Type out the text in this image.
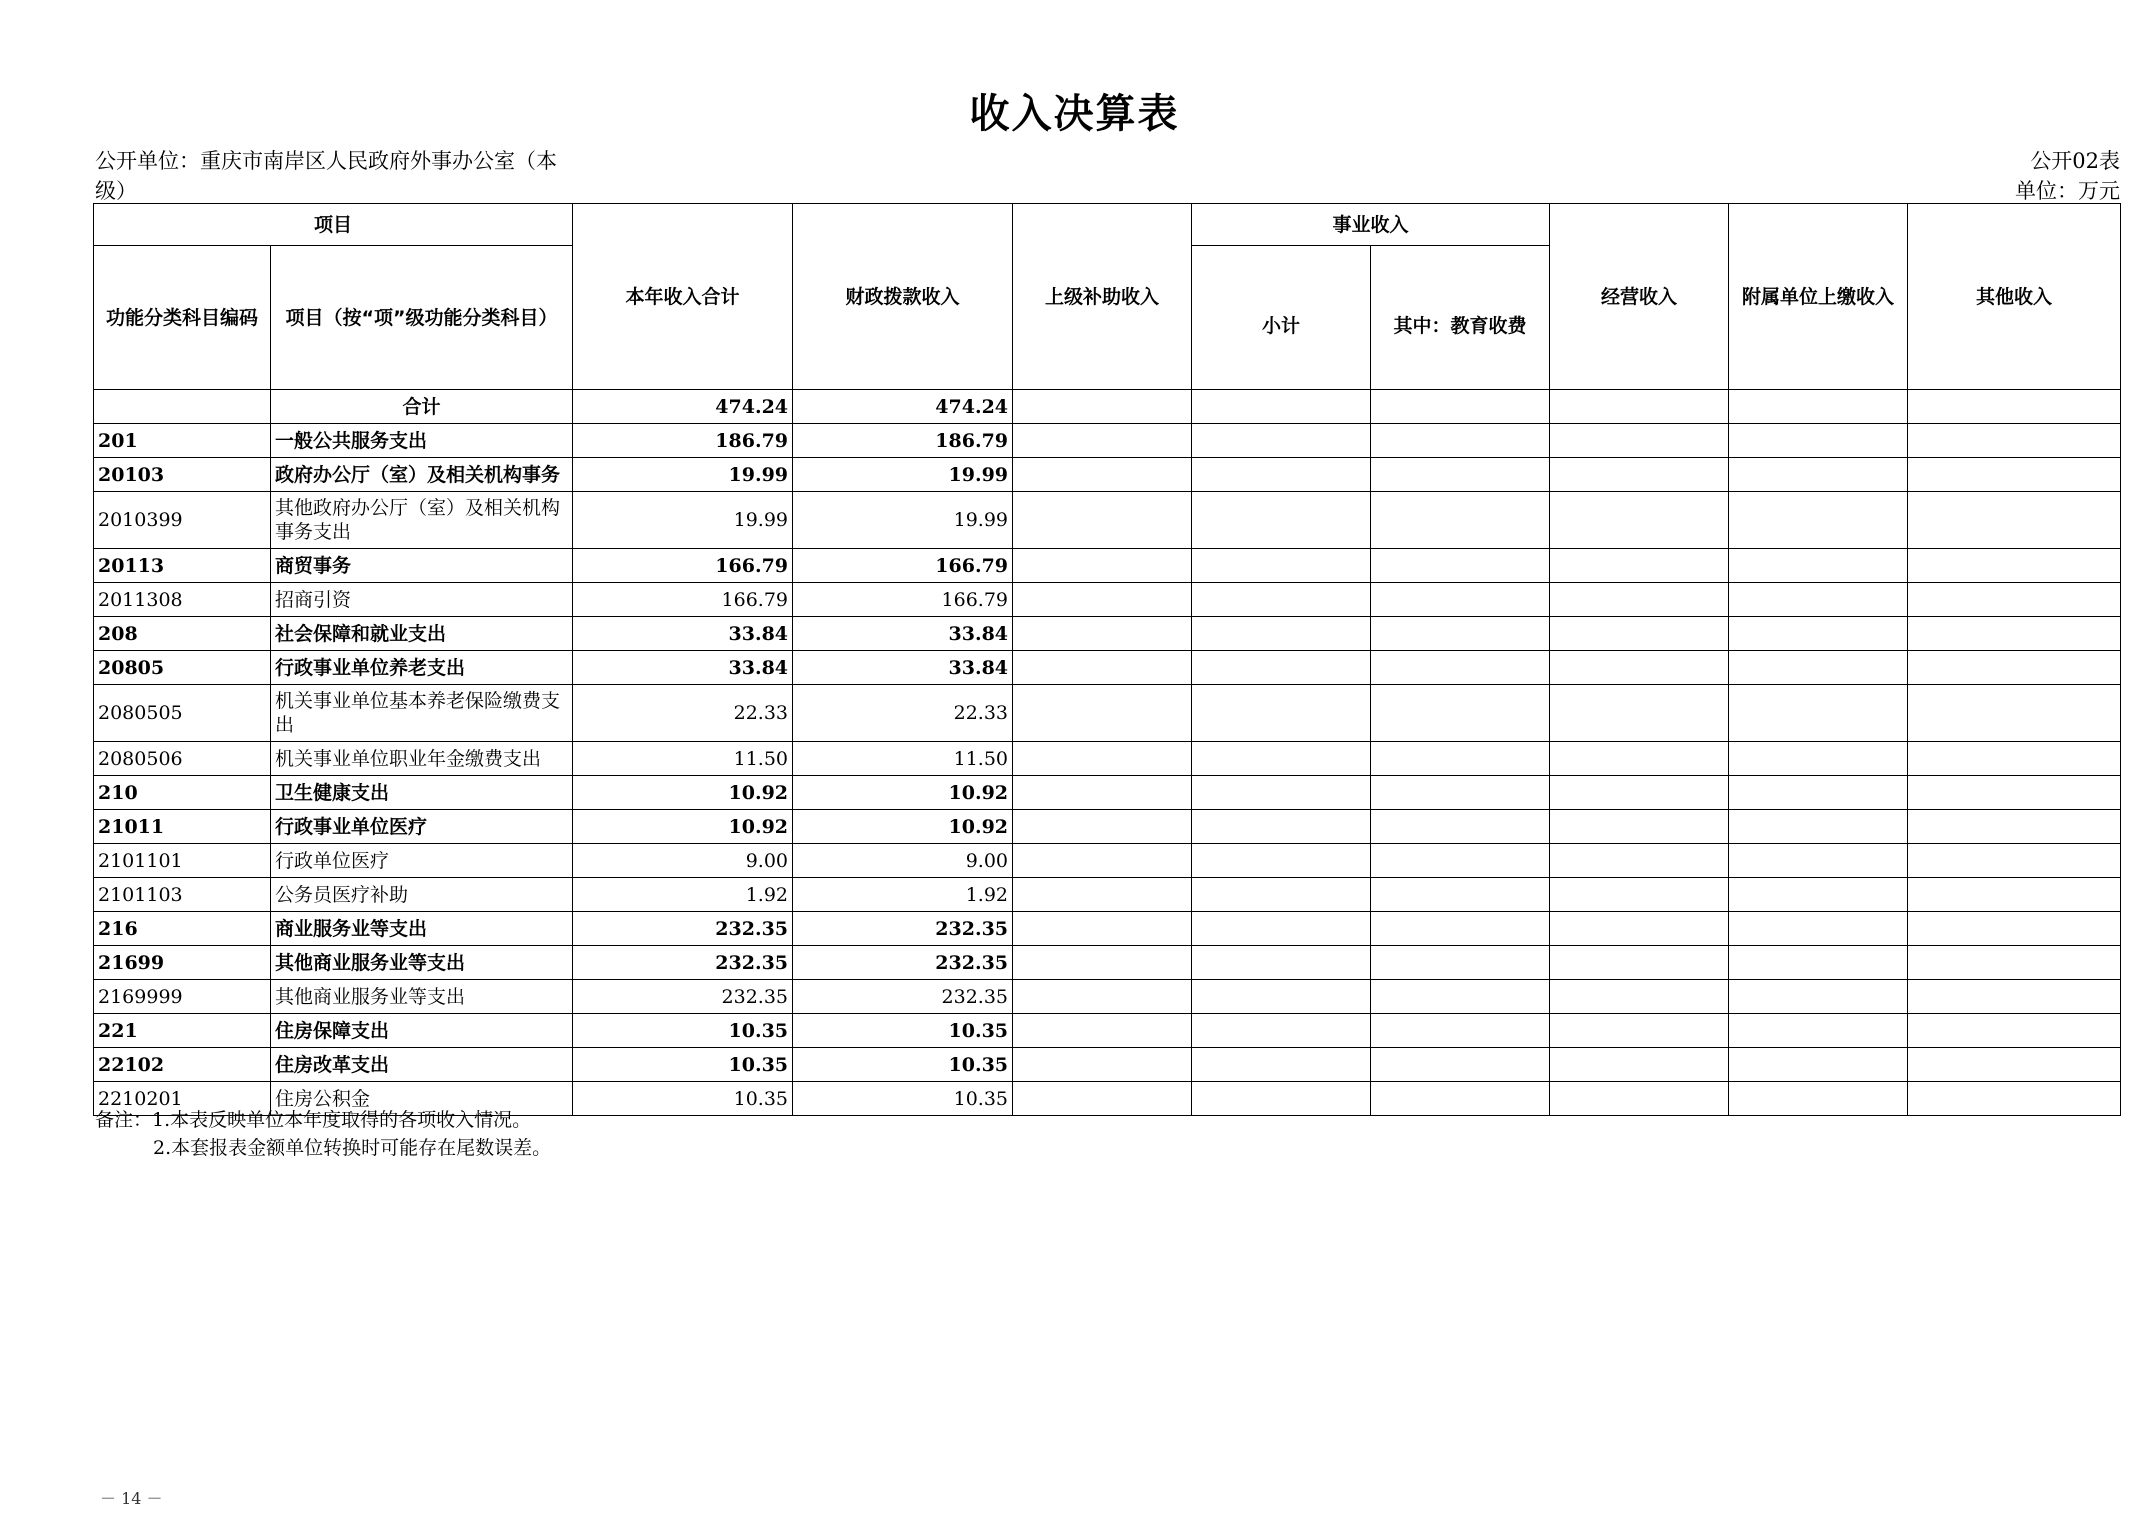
收入决算表
公开单位：重庆市南岸区人民政府外事办公室（本级）
公开02表
单位：万元
项目		本年收入合计	财政拨款收入	上级补助收入	事业收入		经营收入	附属单位上缴收入	其他收入
功能分类科目编码	项目（按“项”级功能分类科目）				小计	其中：教育收费			
	合计	474.24	474.24						
201	一般公共服务支出	186.79	186.79						
20103	政府办公厅（室）及相关机构事务	19.99	19.99						
2010399	其他政府办公厅（室）及相关机构事务支出	19.99	19.99						
20113	商贸事务	166.79	166.79						
2011308	招商引资	166.79	166.79						
208	社会保障和就业支出	33.84	33.84						
20805	行政事业单位养老支出	33.84	33.84						
2080505	机关事业单位基本养老保险缴费支出	22.33	22.33						
2080506	机关事业单位职业年金缴费支出	11.50	11.50						
210	卫生健康支出	10.92	10.92						
21011	行政事业单位医疗	10.92	10.92						
2101101	行政单位医疗	9.00	9.00						
2101103	公务员医疗补助	1.92	1.92						
216	商业服务业等支出	232.35	232.35						
21699	其他商业服务业等支出	232.35	232.35						
2169999	其他商业服务业等支出	232.35	232.35						
221	住房保障支出	10.35	10.35						
22102	住房改革支出	10.35	10.35						
2210201	住房公积金	10.35	10.35						
备注：1.本表反映单位本年度取得的各项收入情况。
2.本套报表金额单位转换时可能存在尾数误差。
－ 14 －
